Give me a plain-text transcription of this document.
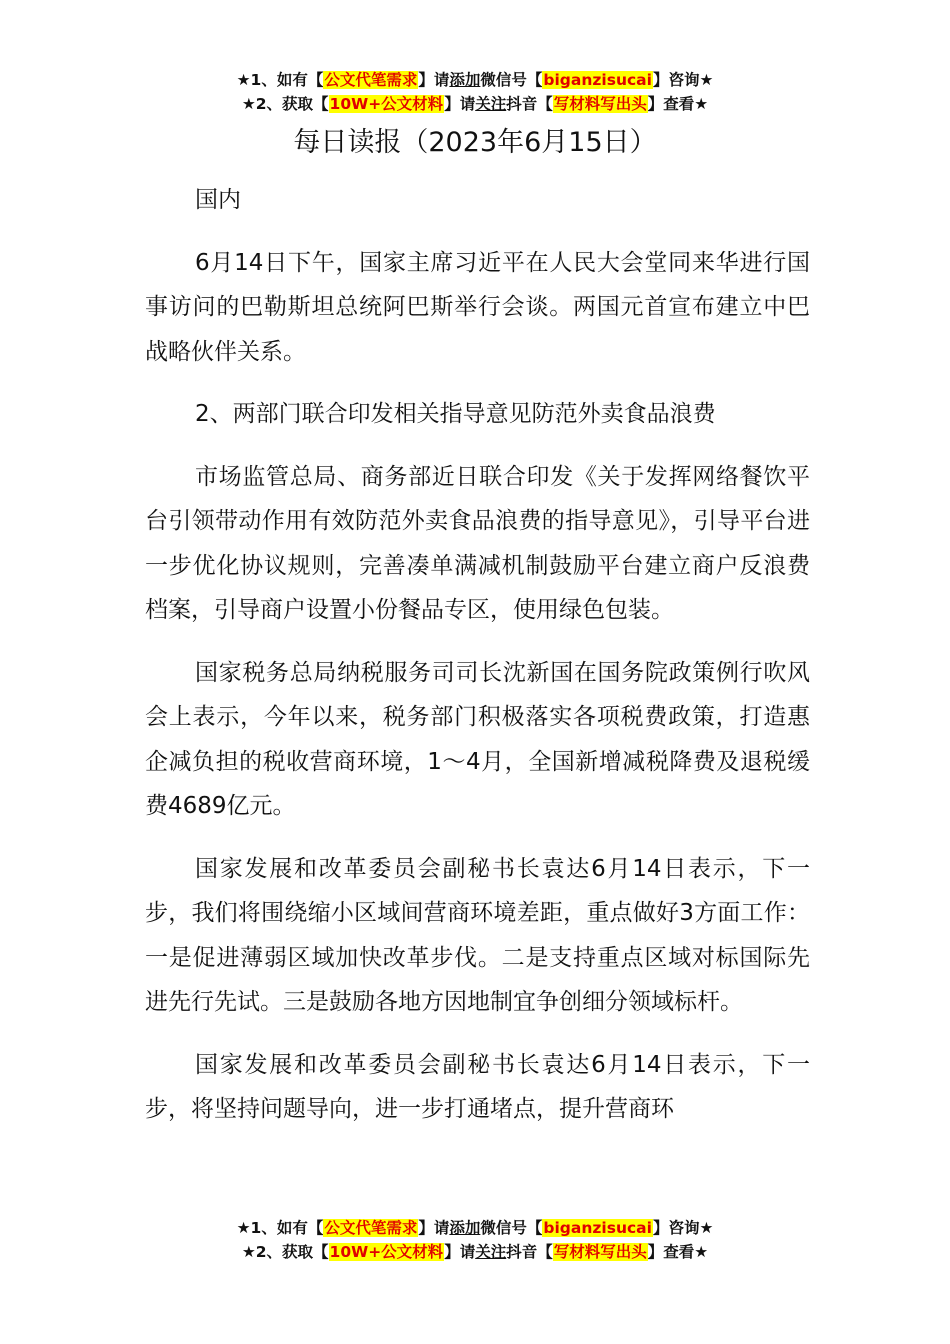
★1、如有【公文代笔需求】请添加微信号【biganzisucai】咨询★
★2、获取【10W+公文材料】请关注抖音【写材料写出头】查看★
每日读报（2023年6月15日）

国内

6月14日下午，国家主席习近平在人民大会堂同来华进行国事访问的巴勒斯坦总统阿巴斯举行会谈。两国元首宣布建立中巴战略伙伴关系。

2、两部门联合印发相关指导意见防范外卖食品浪费

市场监管总局、商务部近日联合印发《关于发挥网络餐饮平台引领带动作用有效防范外卖食品浪费的指导意见》，引导平台进一步优化协议规则，完善凑单满减机制鼓励平台建立商户反浪费档案，引导商户设置小份餐品专区，使用绿色包装。

国家税务总局纳税服务司司长沈新国在国务院政策例行吹风会上表示，今年以来，税务部门积极落实各项税费政策，打造惠企减负担的税收营商环境，1～4月，全国新增减税降费及退税缓费4689亿元。

国家发展和改革委员会副秘书长袁达6月14日表示，下一步，我们将围绕缩小区域间营商环境差距，重点做好3方面工作：一是促进薄弱区域加快改革步伐。二是支持重点区域对标国际先进先行先试。三是鼓励各地方因地制宜争创细分领域标杆。

国家发展和改革委员会副秘书长袁达6月14日表示，下一步，将坚持问题导向，进一步打通堵点，提升营商环

★1、如有【公文代笔需求】请添加微信号【biganzisucai】咨询★
★2、获取【10W+公文材料】请关注抖音【写材料写出头】查看★
